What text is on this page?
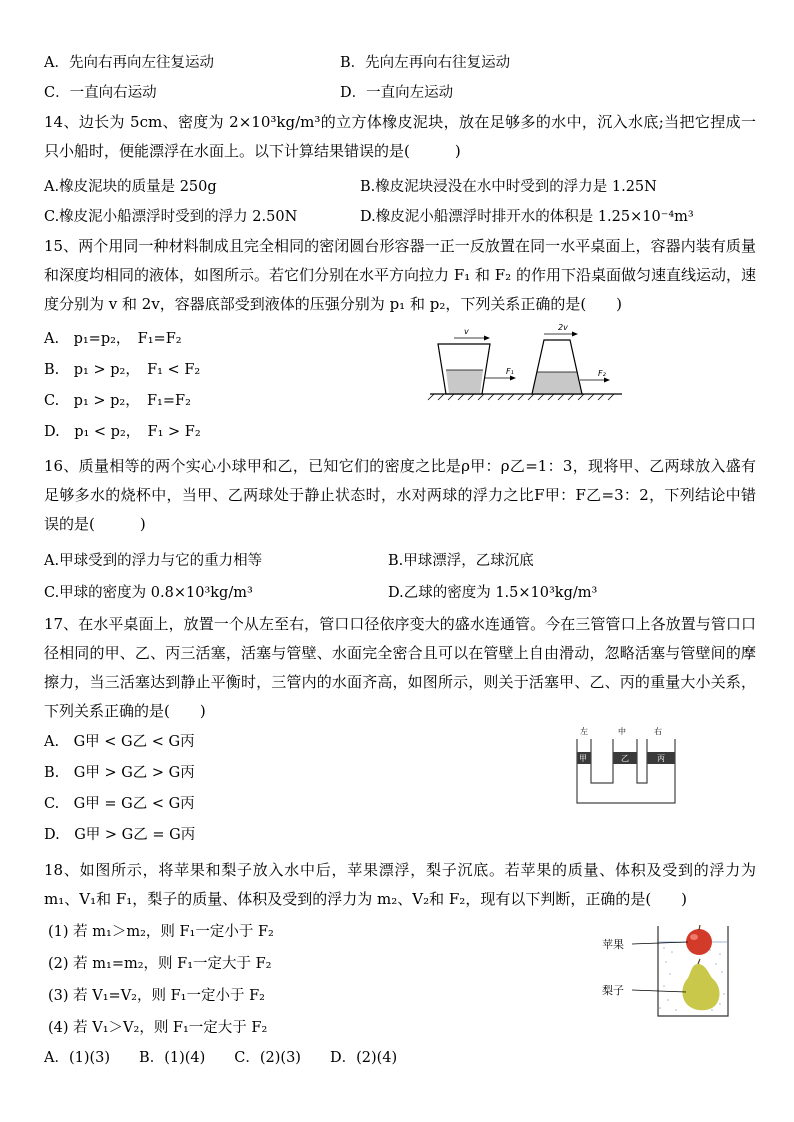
A．先向右再向左往复运动	B．先向左再向右往复运动
C．一直向右运动	D．一直向左运动
14、边长为 5cm、密度为 2×10³kg/m³的立方体橡皮泥块，放在足够多的水中，沉入水底;当把它捏成一只小船时，便能漂浮在水面上。以下计算结果错误的是(　　　)
A.橡皮泥块的质量是 250g	B.橡皮泥块浸没在水中时受到的浮力是 1.25N
C.橡皮泥小船漂浮时受到的浮力 2.50N	D.橡皮泥小船漂浮时排开水的体积是 1.25×10⁻⁴m³
15、两个用同一种材料制成且完全相同的密闭圆台形容器一正一反放置在同一水平桌面上，容器内装有质量和深度均相同的液体，如图所示。若它们分别在水平方向拉力 F₁ 和 F₂ 的作用下沿桌面做匀速直线运动，速度分别为 v 和 2v，容器底部受到液体的压强分别为 p₁ 和 p₂，下列关系正确的是(　　)
A.　p₁=p₂，　F₁=F₂
B.　p₁ > p₂，　F₁ < F₂
C.　p₁ > p₂，　F₁=F₂
D.　p₁ < p₂，　F₁ > F₂
v
F₁
2v
F₂
16、质量相等的两个实心小球甲和乙，已知它们的密度之比是ρ甲：ρ乙=1：3，现将甲、乙两球放入盛有足够多水的烧杯中，当甲、乙两球处于静止状态时，水对两球的浮力之比F甲：F乙=3：2，下列结论中错误的是(　　　)
A.甲球受到的浮力与它的重力相等	B.甲球漂浮，乙球沉底
C.甲球的密度为 0.8×10³kg/m³	D.乙球的密度为 1.5×10³kg/m³
17、在水平桌面上，放置一个从左至右，管口口径依序变大的盛水连通管。今在三管管口上各放置与管口口径相同的甲、乙、丙三活塞，活塞与管壁、水面完全密合且可以在管壁上自由滑动，忽略活塞与管壁间的摩擦力，当三活塞达到静止平衡时，三管内的水面齐高，如图所示，则关于活塞甲、乙、丙的重量大小关系，下列关系正确的是(　　)
A.　G甲 < G乙 < G丙
B.　G甲 > G乙 > G丙
C.　G甲 = G乙 < G丙
D.　G甲 > G乙 = G丙
左	中	右
甲	乙	丙
18、如图所示，将苹果和梨子放入水中后，苹果漂浮，梨子沉底。若苹果的质量、体积及受到的浮力为 m₁、V₁和 F₁，梨子的质量、体积及受到的浮力为 m₂、V₂和 F₂，现有以下判断，正确的是(　　)
(1) 若 m₁＞m₂，则 F₁一定小于 F₂
(2) 若 m₁=m₂，则 F₁一定大于 F₂
(3) 若 V₁=V₂，则 F₁一定小于 F₂
(4) 若 V₁＞V₂，则 F₁一定大于 F₂
A．(1)(3)　　B．(1)(4)　　C．(2)(3)　　D．(2)(4)
苹果
梨子
